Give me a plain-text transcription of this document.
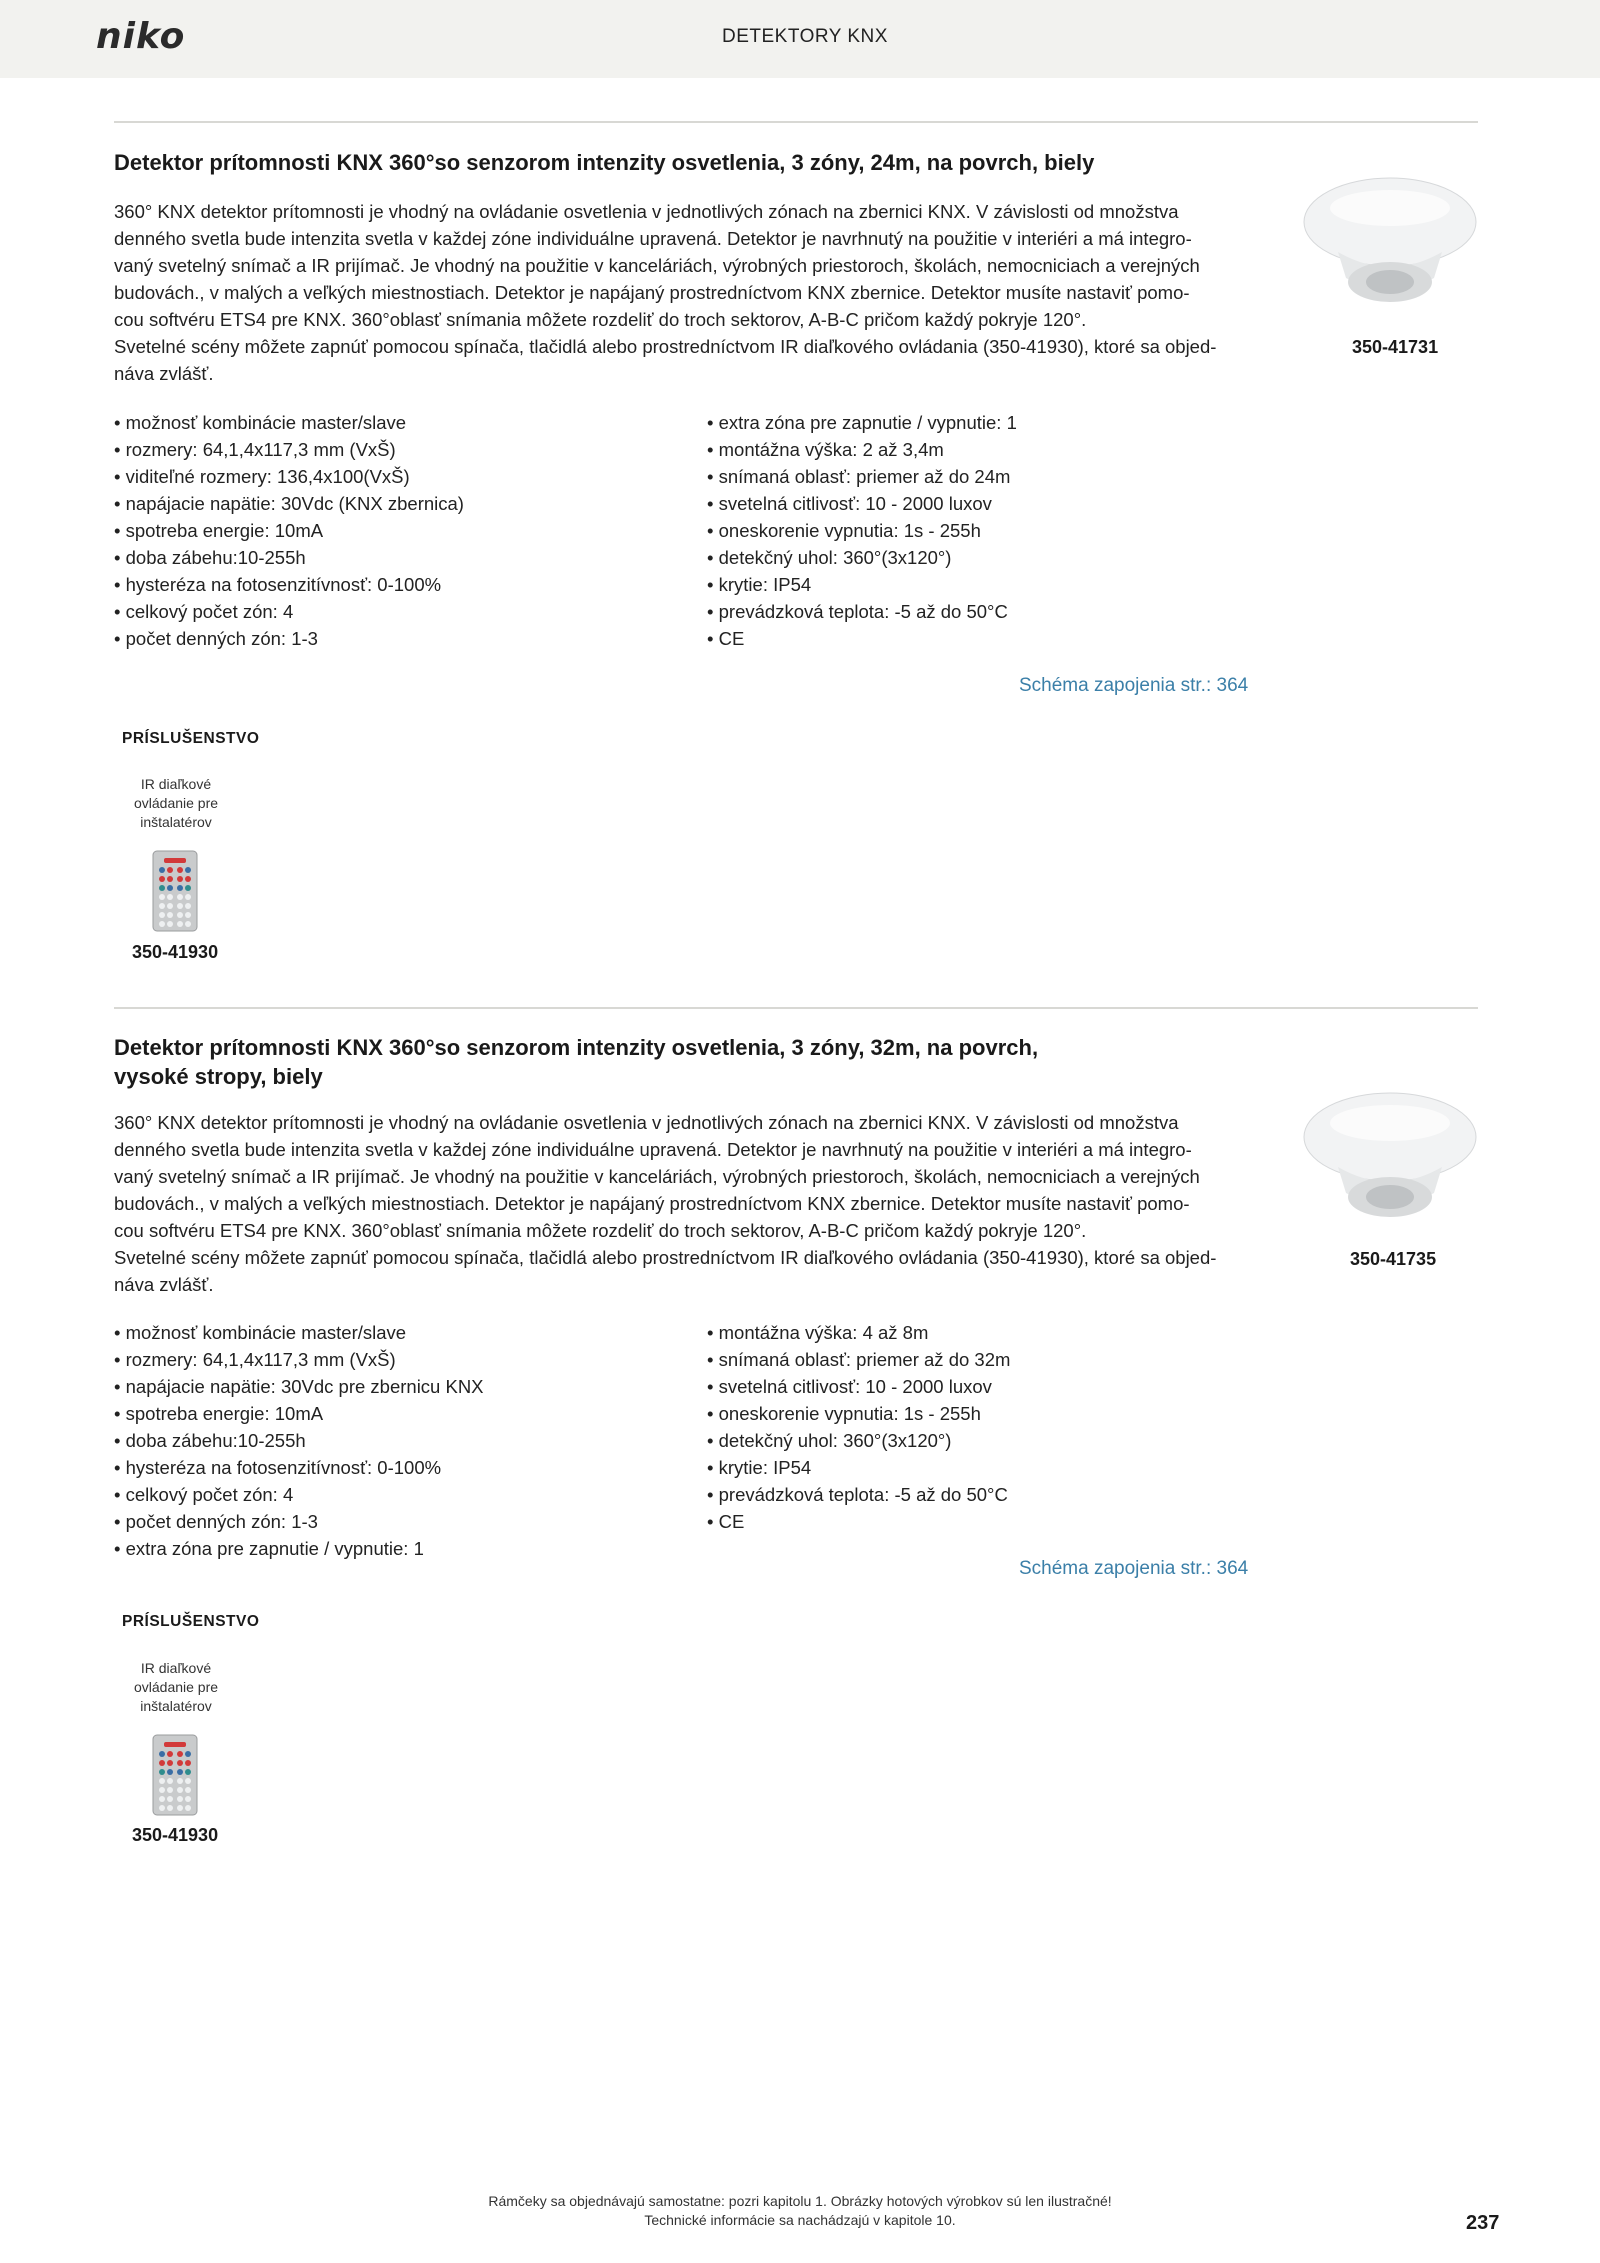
niko	DETEKTORY KNX
Detektor prítomnosti KNX 360°so senzorom intenzity osvetlenia, 3 zóny, 24m, na povrch, biely

360° KNX detektor prítomnosti je vhodný na ovládanie osvetlenia v jednotlivých zónach na zbernici KNX. V závislosti od množstva

denného svetla bude intenzita svetla v každej zóne individuálne upravená. Detektor je navrhnutý na použitie v interiéri a má integro-

vaný svetelný snímač a IR prijímač. Je vhodný na použitie v kanceláriách, výrobných priestoroch, školách, nemocniciach a verejných

budovách., v malých a veľkých miestnostiach. Detektor je napájaný prostredníctvom KNX zbernice. Detektor musíte nastaviť pomo-

cou softvéru ETS4 pre KNX. 360°oblasť snímania môžete rozdeliť do troch sektorov, A-B-C pričom každý pokryje 120°.

Svetelné scény môžete zapnúť pomocou spínača, tlačidlá alebo prostredníctvom IR diaľkového ovládania (350-41930), ktoré sa objed-

náva zvlášť.

• možnosť kombinácie master/slave
• rozmery: 64,1,4x117,3 mm (VxŠ)
• viditeľné rozmery: 136,4x100(VxŠ)
• napájacie napätie: 30Vdc (KNX zbernica)
• spotreba energie: 10mA
• doba zábehu:10-255h
• hysteréza na fotosenzitívnosť: 0-100%
• celkový počet zón: 4
• počet denných zón: 1-3
• extra zóna pre zapnutie / vypnutie: 1
• montážna výška: 2 až 3,4m
• snímaná oblasť: priemer až do 24m
• svetelná citlivosť: 10 - 2000 luxov
• oneskorenie vypnutia: 1s - 255h
• detekčný uhol: 360°(3x120°)
• krytie: IP54
• prevádzková teplota: -5 až do 50°C
• CE
Schéma zapojenia str.: 364
PRÍSLUŠENSTVO
IR diaľkové
ovládanie pre
inštalatérov
350-41930
350-41731
Detektor prítomnosti KNX 360°so senzorom intenzity osvetlenia, 3 zóny, 32m, na povrch,
vysoké stropy, biely

360° KNX detektor prítomnosti je vhodný na ovládanie osvetlenia v jednotlivých zónach na zbernici KNX. V závislosti od množstva

denného svetla bude intenzita svetla v každej zóne individuálne upravená. Detektor je navrhnutý na použitie v interiéri a má integro-

vaný svetelný snímač a IR prijímač. Je vhodný na použitie v kanceláriách, výrobných priestoroch, školách, nemocniciach a verejných

budovách., v malých a veľkých miestnostiach. Detektor je napájaný prostredníctvom KNX zbernice. Detektor musíte nastaviť pomo-

cou softvéru ETS4 pre KNX. 360°oblasť snímania môžete rozdeliť do troch sektorov, A-B-C pričom každý pokryje 120°.

Svetelné scény môžete zapnúť pomocou spínača, tlačidlá alebo prostredníctvom IR diaľkového ovládania (350-41930), ktoré sa objed-

náva zvlášť.

• možnosť kombinácie master/slave
• rozmery: 64,1,4x117,3 mm (VxŠ)
• napájacie napätie: 30Vdc pre zbernicu KNX
• spotreba energie: 10mA
• doba zábehu:10-255h
• hysteréza na fotosenzitívnosť: 0-100%
• celkový počet zón: 4
• počet denných zón: 1-3
• extra zóna pre zapnutie / vypnutie: 1
• montážna výška: 4 až 8m
• snímaná oblasť: priemer až do 32m
• svetelná citlivosť: 10 - 2000 luxov
• oneskorenie vypnutia: 1s - 255h
• detekčný uhol: 360°(3x120°)
• krytie: IP54
• prevádzková teplota: -5 až do 50°C
• CE
Schéma zapojenia str.: 364
PRÍSLUŠENSTVO
IR diaľkové
ovládanie pre
inštalatérov
350-41930
350-41735
Rámčeky sa objednávajú samostatne: pozri kapitolu 1. Obrázky hotových výrobkov sú len ilustračné!
Technické informácie sa nachádzajú v kapitole 10.	237
